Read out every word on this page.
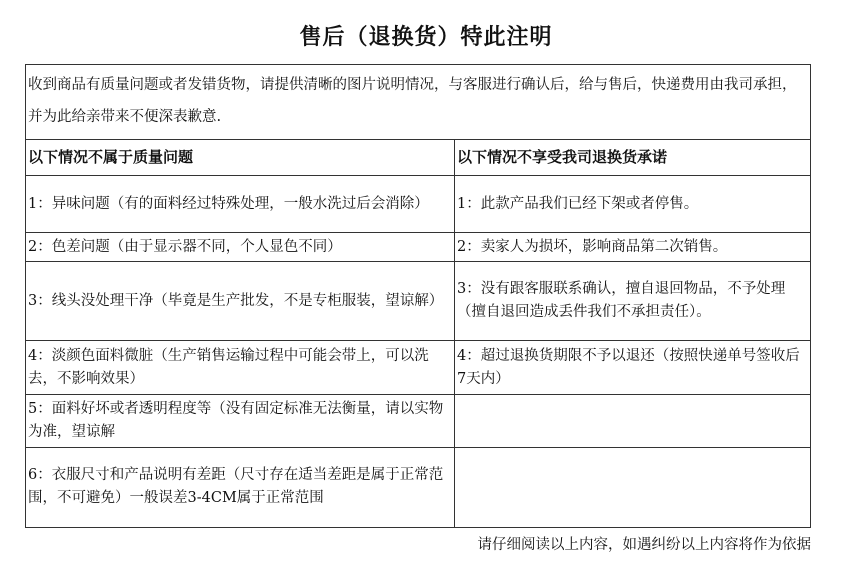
售后（退换货）特此注明
收到商品有质量问题或者发错货物，请提供清晰的图片说明情况，与客服进行确认后，给与售后，快递费用由我司承担，并为此给亲带来不便深表歉意.
以下情况不属于质量问题	以下情况不享受我司退换货承诺
1：异味问题（有的面料经过特殊处理，一般水洗过后会消除）	1：此款产品我们已经下架或者停售。
2：色差问题（由于显示器不同，个人显色不同）	2：卖家人为损坏，影响商品第二次销售。
3：线头没处理干净（毕竟是生产批发，不是专柜服装，望谅解）	3：没有跟客服联系确认，擅自退回物品，不予处理（擅自退回造成丢件我们不承担责任）。
4：淡颜色面料微脏（生产销售运输过程中可能会带上，可以洗去，不影响效果）	4：超过退换货期限不予以退还（按照快递单号签收后7天内）
5：面料好坏或者透明程度等（没有固定标准无法衡量，请以实物为准，望谅解	
6：衣服尺寸和产品说明有差距（尺寸存在适当差距是属于正常范围，不可避免）一般误差3-4CM属于正常范围	
请仔细阅读以上内容，如遇纠纷以上内容将作为依据
